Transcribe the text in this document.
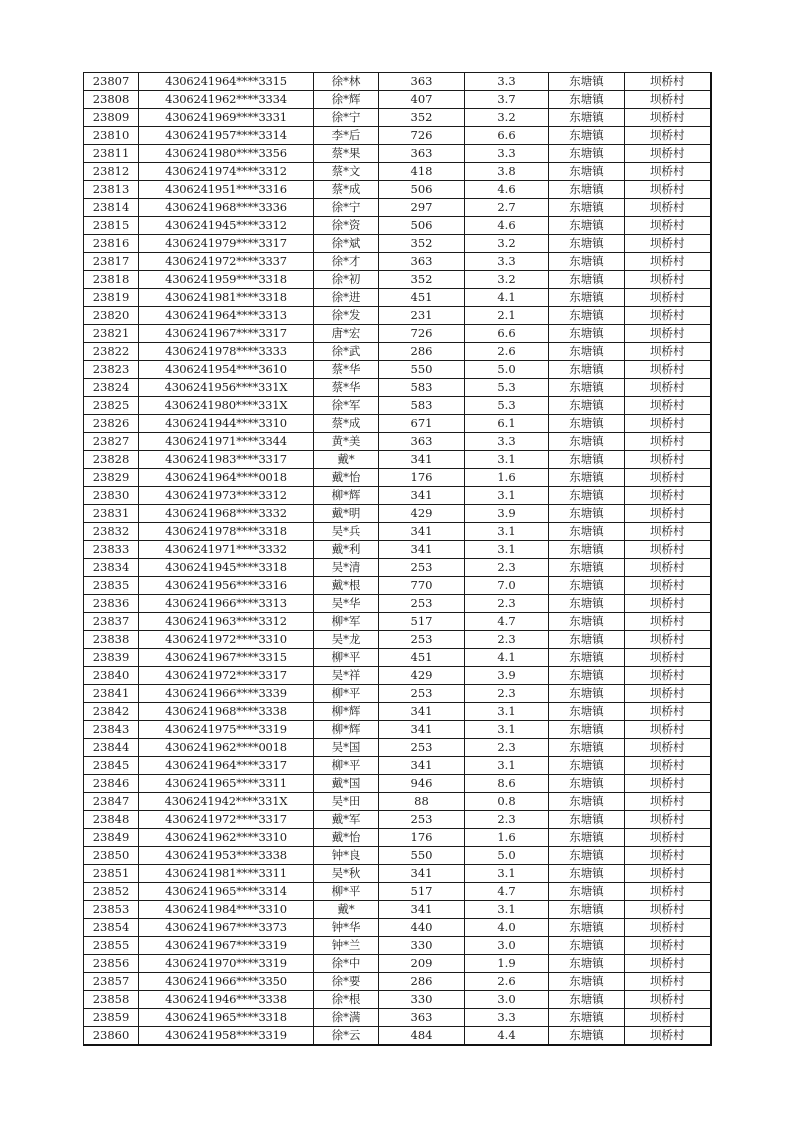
23807	4306241964****3315	徐*林	363	3.3	东塘镇	坝桥村
23808	4306241962****3334	徐*辉	407	3.7	东塘镇	坝桥村
23809	4306241969****3331	徐*宁	352	3.2	东塘镇	坝桥村
23810	4306241957****3314	李*后	726	6.6	东塘镇	坝桥村
23811	4306241980****3356	蔡*果	363	3.3	东塘镇	坝桥村
23812	4306241974****3312	蔡*文	418	3.8	东塘镇	坝桥村
23813	4306241951****3316	蔡*成	506	4.6	东塘镇	坝桥村
23814	4306241968****3336	徐*宁	297	2.7	东塘镇	坝桥村
23815	4306241945****3312	徐*资	506	4.6	东塘镇	坝桥村
23816	4306241979****3317	徐*斌	352	3.2	东塘镇	坝桥村
23817	4306241972****3337	徐*才	363	3.3	东塘镇	坝桥村
23818	4306241959****3318	徐*初	352	3.2	东塘镇	坝桥村
23819	4306241981****3318	徐*进	451	4.1	东塘镇	坝桥村
23820	4306241964****3313	徐*发	231	2.1	东塘镇	坝桥村
23821	4306241967****3317	唐*宏	726	6.6	东塘镇	坝桥村
23822	4306241978****3333	徐*武	286	2.6	东塘镇	坝桥村
23823	4306241954****3610	蔡*华	550	5.0	东塘镇	坝桥村
23824	4306241956****331X	蔡*华	583	5.3	东塘镇	坝桥村
23825	4306241980****331X	徐*军	583	5.3	东塘镇	坝桥村
23826	4306241944****3310	蔡*成	671	6.1	东塘镇	坝桥村
23827	4306241971****3344	黄*美	363	3.3	东塘镇	坝桥村
23828	4306241983****3317	戴*	341	3.1	东塘镇	坝桥村
23829	4306241964****0018	戴*怡	176	1.6	东塘镇	坝桥村
23830	4306241973****3312	柳*辉	341	3.1	东塘镇	坝桥村
23831	4306241968****3332	戴*明	429	3.9	东塘镇	坝桥村
23832	4306241978****3318	吴*兵	341	3.1	东塘镇	坝桥村
23833	4306241971****3332	戴*利	341	3.1	东塘镇	坝桥村
23834	4306241945****3318	吴*清	253	2.3	东塘镇	坝桥村
23835	4306241956****3316	戴*根	770	7.0	东塘镇	坝桥村
23836	4306241966****3313	吴*华	253	2.3	东塘镇	坝桥村
23837	4306241963****3312	柳*军	517	4.7	东塘镇	坝桥村
23838	4306241972****3310	吴*龙	253	2.3	东塘镇	坝桥村
23839	4306241967****3315	柳*平	451	4.1	东塘镇	坝桥村
23840	4306241972****3317	吴*祥	429	3.9	东塘镇	坝桥村
23841	4306241966****3339	柳*平	253	2.3	东塘镇	坝桥村
23842	4306241968****3338	柳*辉	341	3.1	东塘镇	坝桥村
23843	4306241975****3319	柳*辉	341	3.1	东塘镇	坝桥村
23844	4306241962****0018	吴*国	253	2.3	东塘镇	坝桥村
23845	4306241964****3317	柳*平	341	3.1	东塘镇	坝桥村
23846	4306241965****3311	戴*国	946	8.6	东塘镇	坝桥村
23847	4306241942****331X	吴*田	88	0.8	东塘镇	坝桥村
23848	4306241972****3317	戴*军	253	2.3	东塘镇	坝桥村
23849	4306241962****3310	戴*怡	176	1.6	东塘镇	坝桥村
23850	4306241953****3338	钟*良	550	5.0	东塘镇	坝桥村
23851	4306241981****3311	吴*秋	341	3.1	东塘镇	坝桥村
23852	4306241965****3314	柳*平	517	4.7	东塘镇	坝桥村
23853	4306241984****3310	戴*	341	3.1	东塘镇	坝桥村
23854	4306241967****3373	钟*华	440	4.0	东塘镇	坝桥村
23855	4306241967****3319	钟*兰	330	3.0	东塘镇	坝桥村
23856	4306241970****3319	徐*中	209	1.9	东塘镇	坝桥村
23857	4306241966****3350	徐*要	286	2.6	东塘镇	坝桥村
23858	4306241946****3338	徐*根	330	3.0	东塘镇	坝桥村
23859	4306241965****3318	徐*满	363	3.3	东塘镇	坝桥村
23860	4306241958****3319	徐*云	484	4.4	东塘镇	坝桥村
